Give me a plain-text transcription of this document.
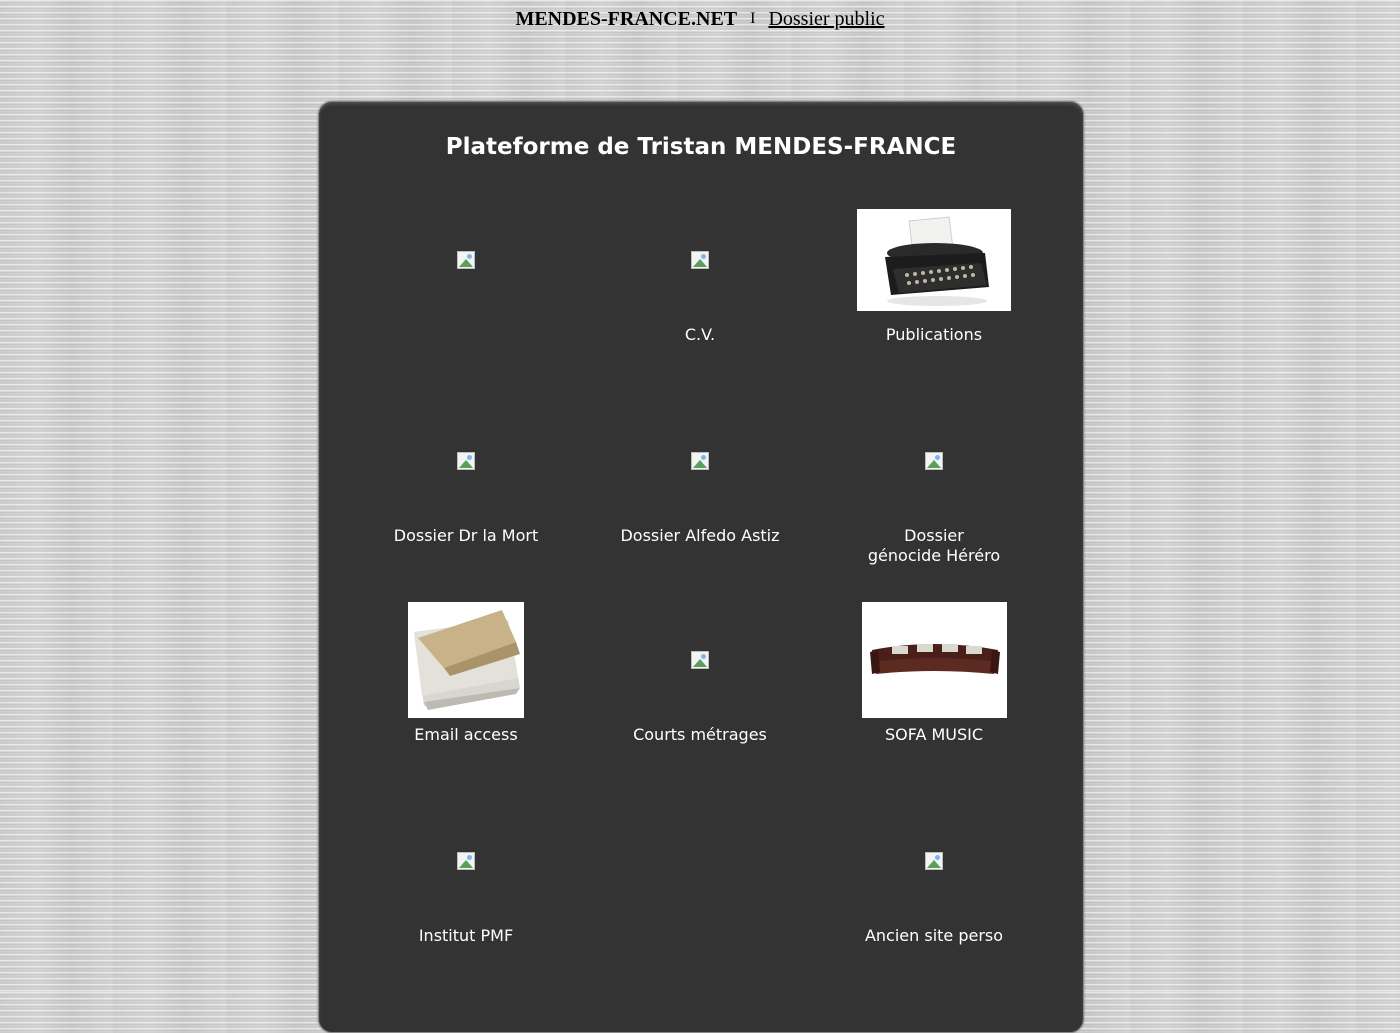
MENDES-FRANCE.NET I Dossier public
Plateforme de Tristan MENDES-FRANCE
C.V.	Publications
Dossier Dr la Mort	Dossier Alfedo Astiz	Dossier génocide Héréro
Email access	Courts métrages	SOFA MUSIC
Institut PMF	Ancien site perso
